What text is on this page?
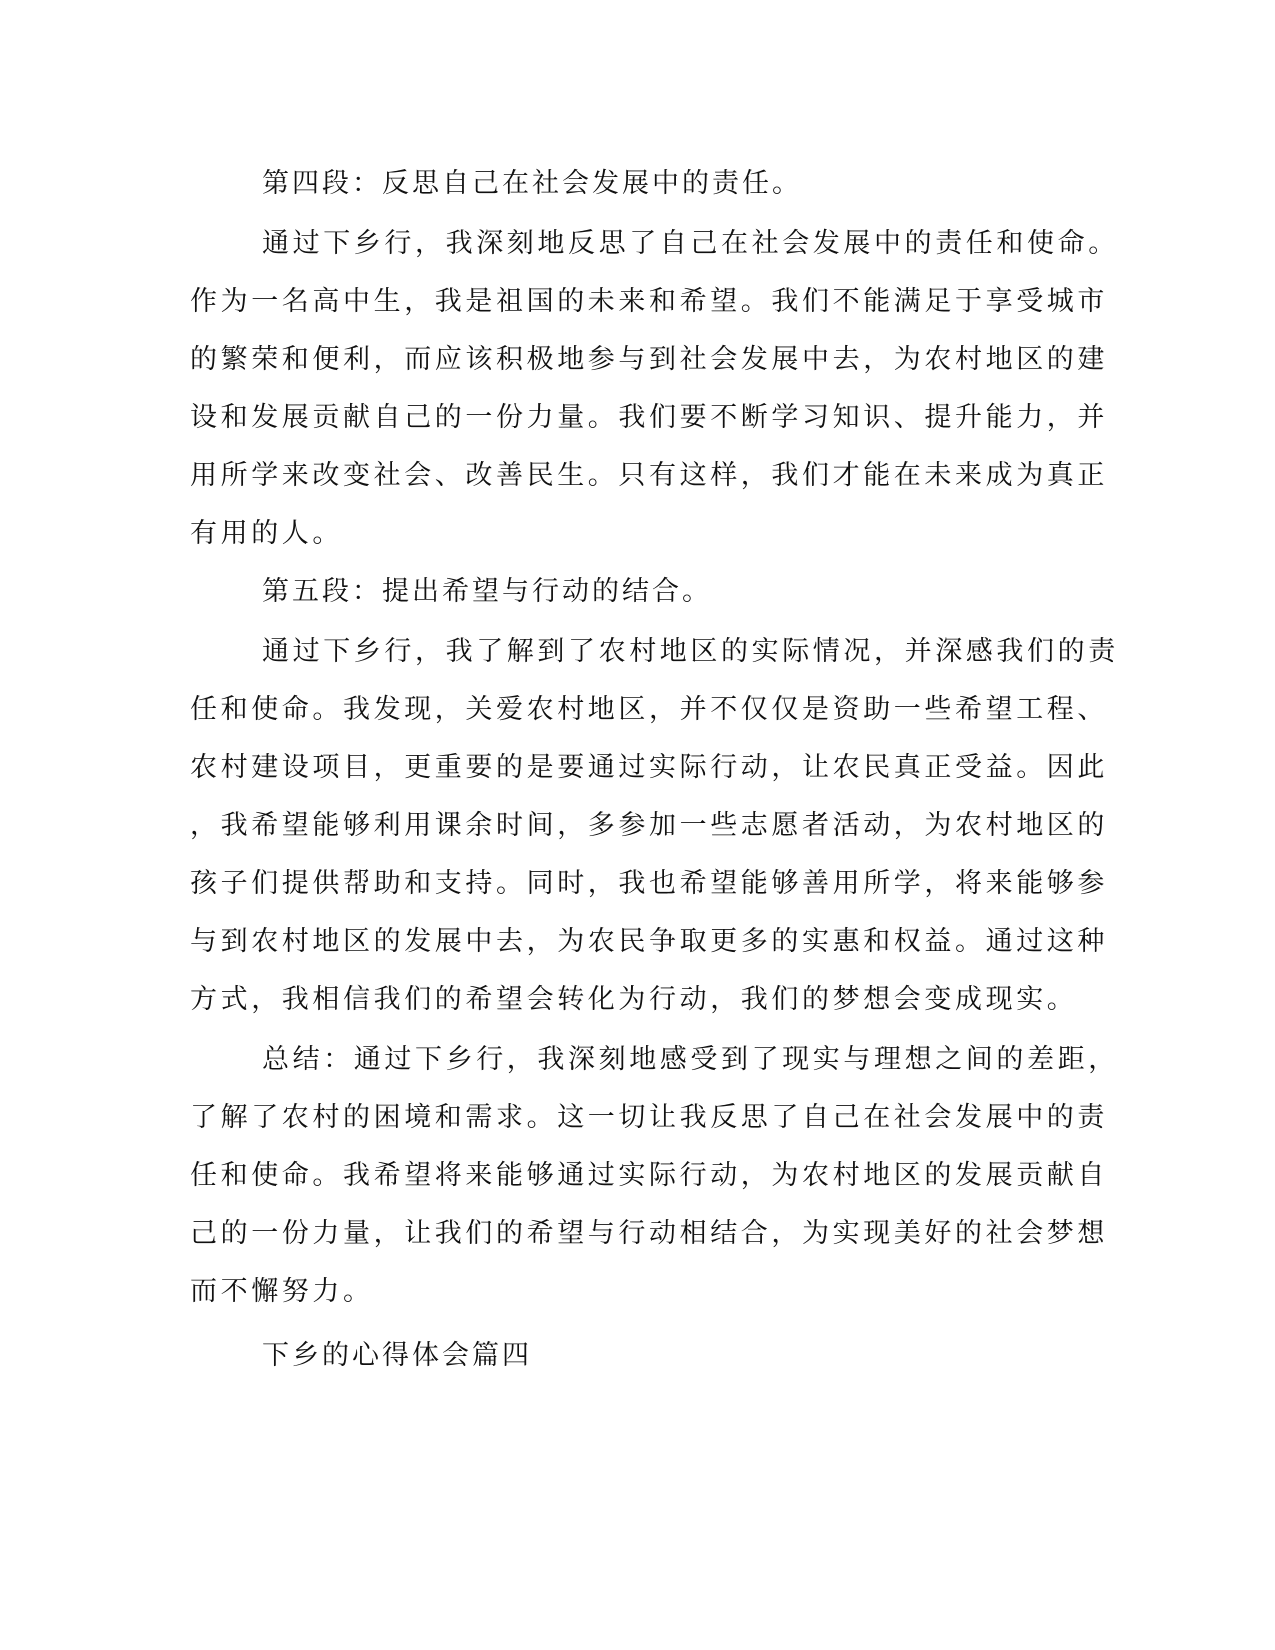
第四段：反思自己在社会发展中的责任。

通过下乡行，我深刻地反思了自己在社会发展中的责任和使命。

作为一名高中生，我是祖国的未来和希望。我们不能满足于享受城市

的繁荣和便利，而应该积极地参与到社会发展中去，为农村地区的建

设和发展贡献自己的一份力量。我们要不断学习知识、提升能力，并

用所学来改变社会、改善民生。只有这样，我们才能在未来成为真正

有用的人。

第五段：提出希望与行动的结合。

通过下乡行，我了解到了农村地区的实际情况，并深感我们的责

任和使命。我发现，关爱农村地区，并不仅仅是资助一些希望工程、

农村建设项目，更重要的是要通过实际行动，让农民真正受益。因此

，我希望能够利用课余时间，多参加一些志愿者活动，为农村地区的

孩子们提供帮助和支持。同时，我也希望能够善用所学，将来能够参

与到农村地区的发展中去，为农民争取更多的实惠和权益。通过这种

方式，我相信我们的希望会转化为行动，我们的梦想会变成现实。

总结：通过下乡行，我深刻地感受到了现实与理想之间的差距，

了解了农村的困境和需求。这一切让我反思了自己在社会发展中的责

任和使命。我希望将来能够通过实际行动，为农村地区的发展贡献自

己的一份力量，让我们的希望与行动相结合，为实现美好的社会梦想

而不懈努力。

下乡的心得体会篇四
